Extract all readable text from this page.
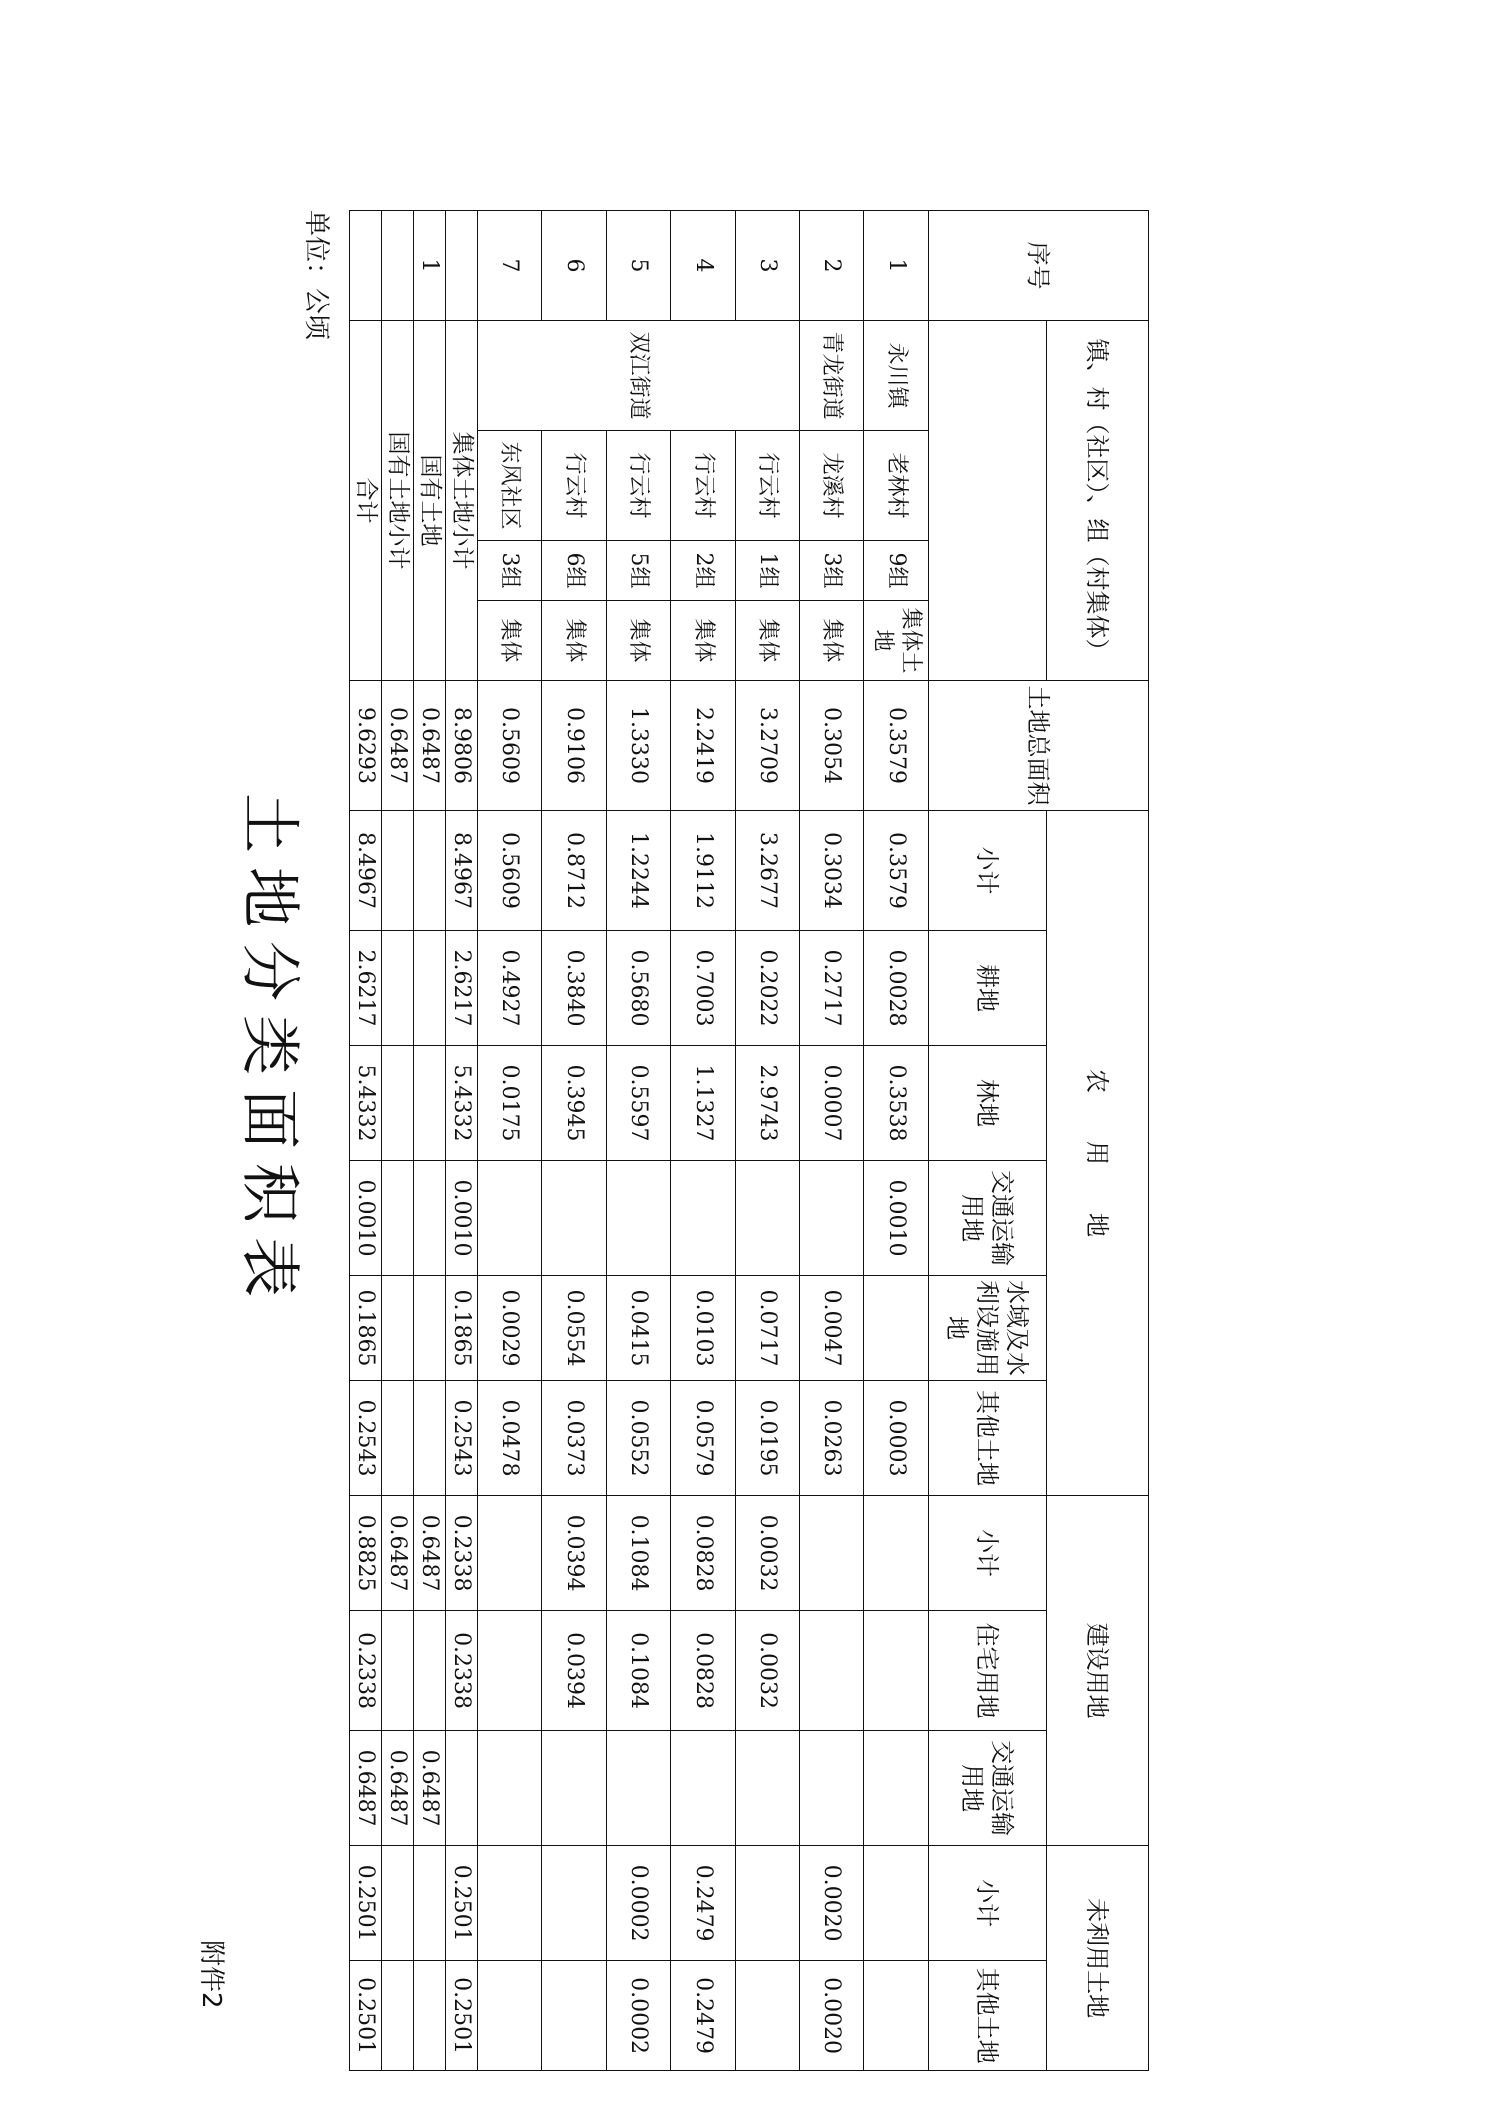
附件2
土地分类面积表
单位：公顷	序号	镇、村（社区）、组（村集体）				土地总面积	农　　用　　地						建设用地			未利用土地	
						小计	耕地	林地	交通运输用地	水域及水利设施用地	其他土地	小计	住宅用地	交通运输用地	小计	其他土地
1	永川镇	老林村	9组	集体土地	0.3579	0.3579	0.0028	0.3538	0.0010		0.0003					
2	青龙街道	龙溪村	3组	集体	0.3054	0.3034	0.2717	0.0007		0.0047	0.0263				0.0020	0.0020
3	双江街道	行云村	1组	集体	3.2709	3.2677	0.2022	2.9743		0.0717	0.0195	0.0032	0.0032			
4		行云村	2组	集体	2.2419	1.9112	0.7003	1.1327		0.0103	0.0579	0.0828	0.0828		0.2479	0.2479
5		行云村	5组	集体	1.3330	1.2244	0.5680	0.5597		0.0415	0.0552	0.1084	0.1084		0.0002	0.0002
6		行云村	6组	集体	0.9106	0.8712	0.3840	0.3945		0.0554	0.0373	0.0394	0.0394			
7		东风社区	3组	集体	0.5609	0.5609	0.4927	0.0175		0.0029	0.0478					
	集体土地小计				8.9806	8.4967	2.6217	5.4332	0.0010	0.1865	0.2543	0.2338	0.2338		0.2501	0.2501
1	国有土地				0.6487							0.6487		0.6487		
	国有土地小计				0.6487							0.6487		0.6487		
	合计				9.6293	8.4967	2.6217	5.4332	0.0010	0.1865	0.2543	0.8825	0.2338	0.6487	0.2501	0.2501
